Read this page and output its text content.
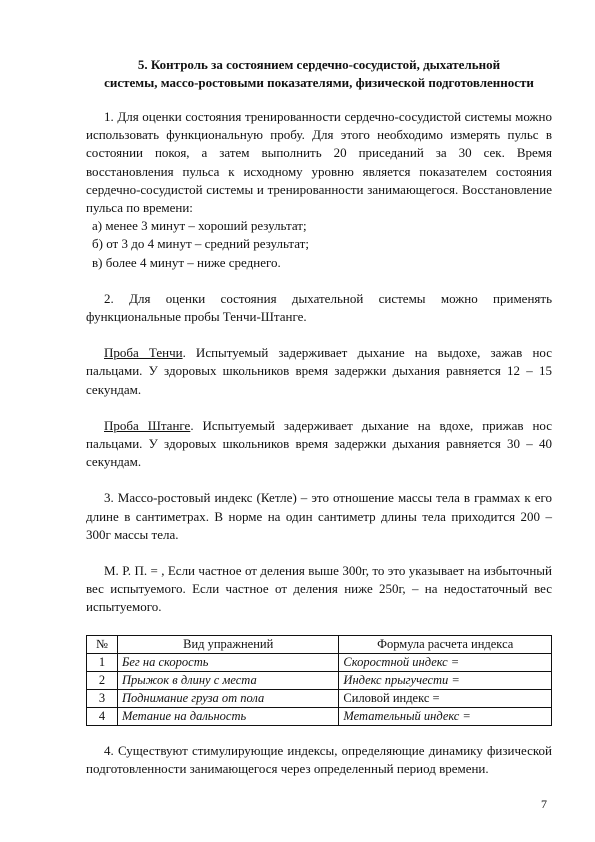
5. Контроль за состоянием сердечно-сосудистой, дыхательной
системы, массо-ростовыми показателями, физической подготовленности

1. Для оценки состояния тренированности сердечно-сосудистой системы можно использовать функциональную пробу. Для этого необходимо измерять пульс в состоянии покоя, а затем выполнить 20 приседаний за 30 сек. Время восстановления пульса к исходному уровню является показателем состояния сердечно-сосудистой системы и тренированности занимающегося. Восстановление пульса по времени:

а) менее 3 минут – хороший результат;
б) от 3 до 4 минут – средний результат;
в) более 4 минут – ниже среднего.

2. Для оценки состояния дыхательной системы можно применять функциональные пробы Тенчи-Штанге.

Проба Тенчи. Испытуемый задерживает дыхание на выдохе, зажав нос пальцами. У здоровых школьников время задержки дыхания равняется 12 – 15 секундам.

Проба Штанге. Испытуемый задерживает дыхание на вдохе, прижав нос пальцами. У здоровых школьников время задержки дыхания равняется 30 – 40 секундам.

3. Массо-ростовый индекс (Кетле) – это отношение массы тела в граммах к его длине в сантиметрах. В норме на один сантиметр длины тела приходится 200 – 300г массы тела.

М. Р. П. = , Если частное от деления выше 300г, то это указывает на избыточный вес испытуемого. Если частное от деления ниже 250г, – на недостаточный вес испытуемого.

№	Вид упражнений	Формула расчета индекса
1	Бег на скорость	Скоростной индекс =
2	Прыжок в длину с места	Индекс прыгучести =
3	Поднимание груза от пола	Силовой индекс =
4	Метание на дальность	Метательный индекс =

4. Существуют стимулирующие индексы, определяющие динамику физической подготовленности занимающегося через определенный период времени.

7
